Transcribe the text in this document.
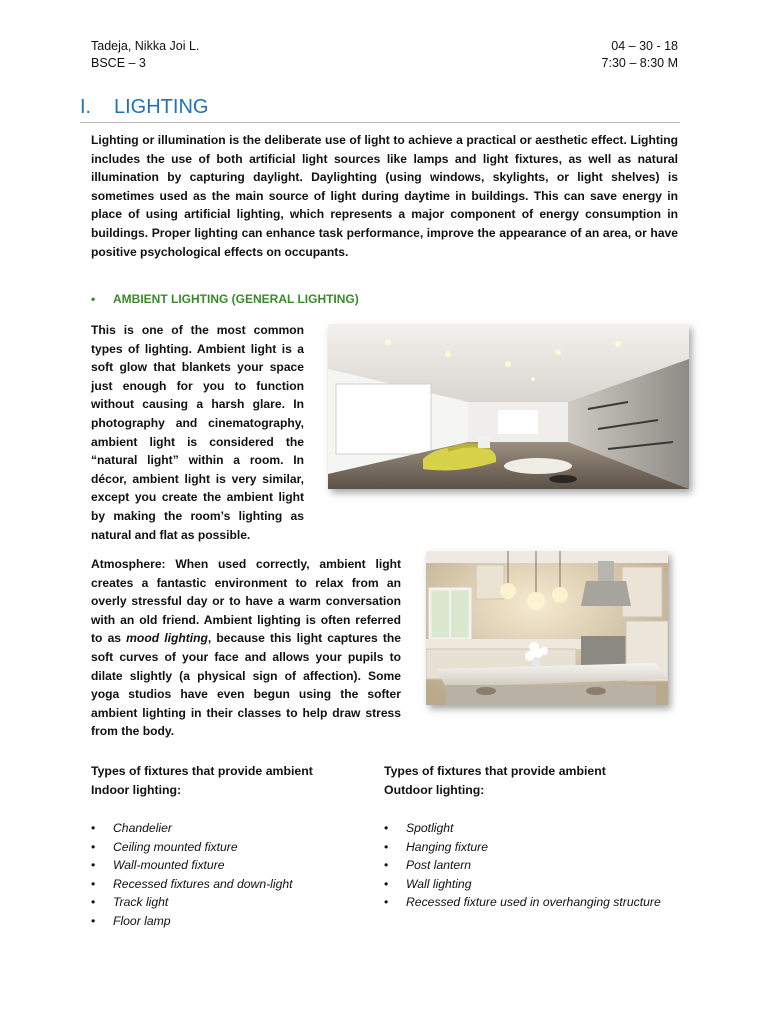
Tadeja, Nikka Joi L.
BSCE – 3
04 – 30 - 18
7:30 – 8:30 M
I. LIGHTING
Lighting or illumination is the deliberate use of light to achieve a practical or aesthetic effect. Lighting includes the use of both artificial light sources like lamps and light fixtures, as well as natural illumination by capturing daylight. Daylighting (using windows, skylights, or light shelves) is sometimes used as the main source of light during daytime in buildings. This can save energy in place of using artificial lighting, which represents a major component of energy consumption in buildings. Proper lighting can enhance task performance, improve the appearance of an area, or have positive psychological effects on occupants.
• AMBIENT LIGHTING (GENERAL LIGHTING)
This is one of the most common types of lighting. Ambient light is a soft glow that blankets your space just enough for you to function without causing a harsh glare. In photography and cinematography, ambient light is considered the “natural light” within a room. In décor, ambient light is very similar, except you create the ambient light by making the room’s lighting as natural and flat as possible.
Atmosphere: When used correctly, ambient light creates a fantastic environment to relax from an overly stressful day or to have a warm conversation with an old friend. Ambient lighting is often referred to as mood lighting, because this light captures the soft curves of your face and allows your pupils to dilate slightly (a physical sign of affection). Some yoga studios have even begun using the softer ambient lighting in their classes to help draw stress from the body.
Types of fixtures that provide ambient
Indoor lighting:
Types of fixtures that provide ambient
Outdoor lighting:
• Chandelier
• Ceiling mounted fixture
• Wall-mounted fixture
• Recessed fixtures and down-light
• Track light
• Floor lamp
• Spotlight
• Hanging fixture
• Post lantern
• Wall lighting
• Recessed fixture used in overhanging structure
